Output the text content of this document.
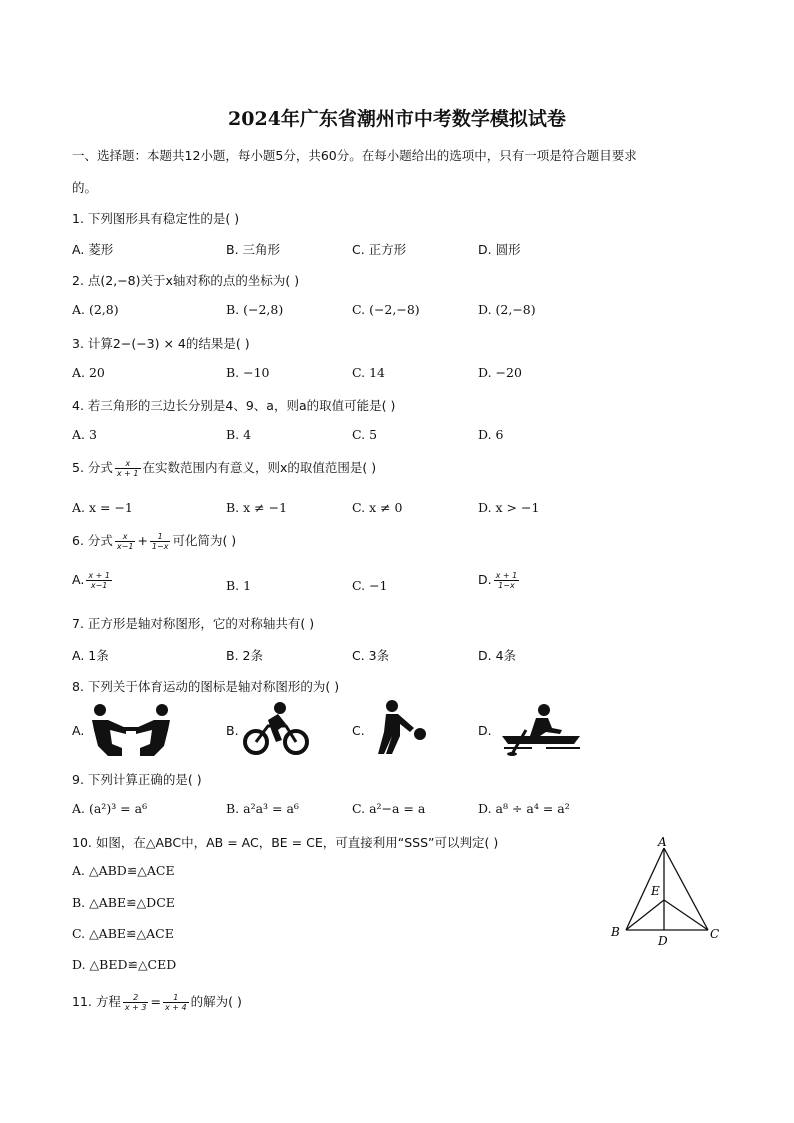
2024年广东省潮州市中考数学模拟试卷
一、选择题：本题共12小题，每小题5分，共60分。在每小题给出的选项中，只有一项是符合题目要求
的。
1. 下列图形具有稳定性的是( )
A. 菱形	B. 三角形	C. 正方形	D. 圆形
2. 点(2,−8)关于x轴对称的点的坐标为( )
A. (2,8)	B. (−2,8)	C. (−2,−8)	D. (2,−8)
3. 计算2−(−3) × 4的结果是( )
A. 20	B. −10	C. 14	D. −20
4. 若三角形的三边长分别是4、9、a，则a的取值可能是( )
A. 3	B. 4	C. 5	D. 6
5. 分式 $\frac{x}{x + 1}$ 在实数范围内有意义，则x的取值范围是( )
A. x = −1	B. x ≠ −1	C. x ≠ 0	D. x > −1
6. 分式 $\frac{x}{x-1} + \frac{1}{1-x}$ 可化简为( )
A. $\frac{x + 1}{x-1}$	B. 1	C. −1	D. $\frac{x + 1}{1-x}$
7. 正方形是轴对称图形，它的对称轴共有( )
A. 1条	B. 2条	C. 3条	D. 4条
8. 下列关于体育运动的图标是轴对称图形的为( )
A.	B.	C.	D.
9. 下列计算正确的是( )
A. (a²)³ = a⁶	B. a²a³ = a⁶	C. a²−a = a	D. a⁸ ÷ a⁴ = a²
10. 如图，在△ABC中，AB = AC，BE = CE，可直接利用“SSS”可以判定( )
A. △ABD≌△ACE
B. △ABE≌△DCE
C. △ABE≌△ACE
D. △BED≌△CED
A
B	C
D
E
11. 方程 $\frac{2}{x + 3} = \frac{1}{x + 4}$ 的解为( )
